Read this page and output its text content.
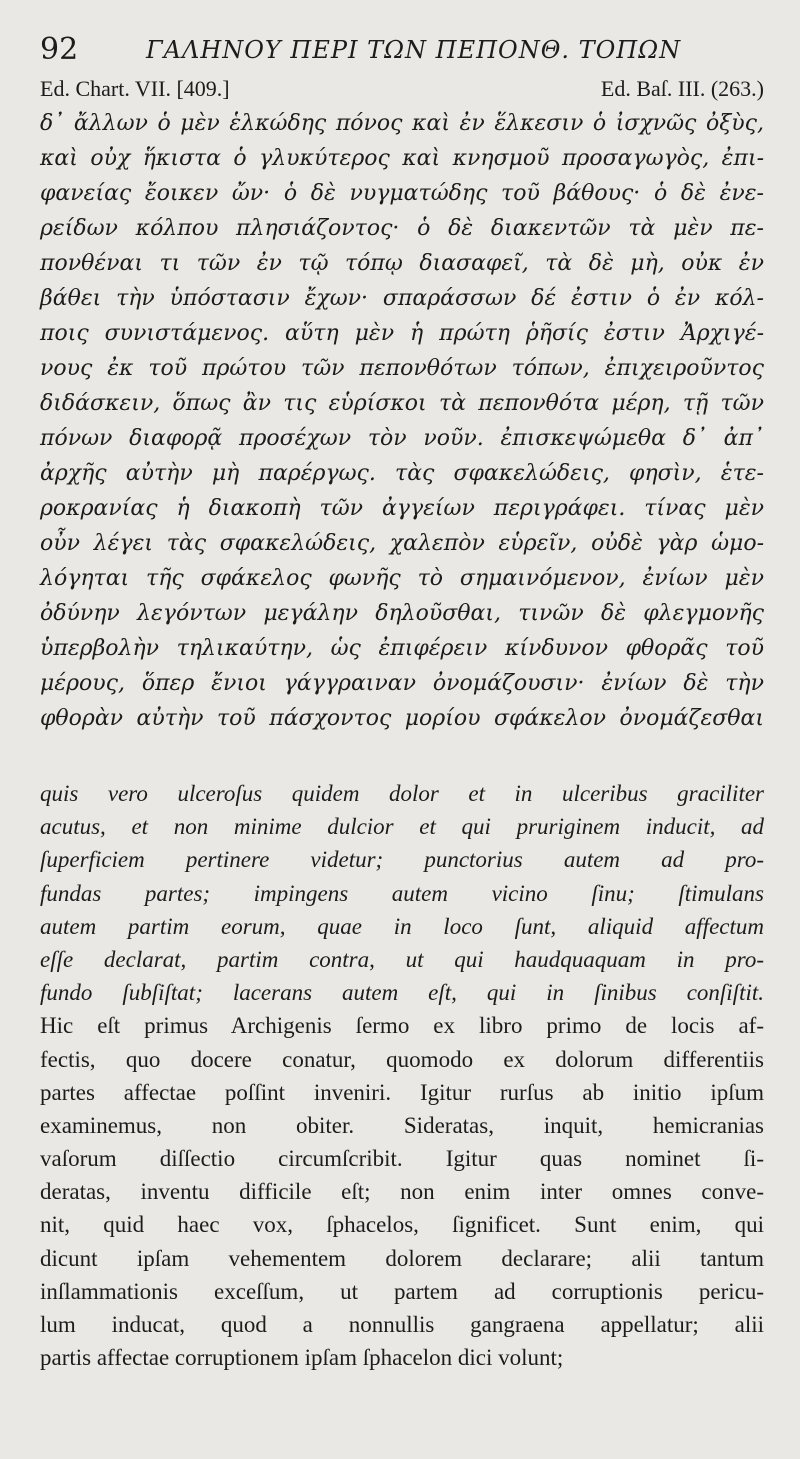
92	ΓΑΛΗΝΟΥ ΠΕΡΙ ΤΩΝ ΠΕΠΟΝΘ. ΤΟΠΩΝ
Ed. Chart. VII. [409.]	Ed. Baſ. III. (263.)
δ᾽ ἄλλων ὁ μὲν ἑλκώδης πόνος καὶ ἐν ἕλκεσιν ὁ ἰσχνῶς ὀξὺς,
καὶ οὐχ ἥκιστα ὁ γλυκύτερος καὶ κνησμοῦ προσαγωγὸς, ἐπι-
φανείας ἔοικεν ὤν· ὁ δὲ νυγματώδης τοῦ βάθους· ὁ δὲ ἐνε-
ρείδων κόλπου πλησιάζοντος· ὁ δὲ διακεντῶν τὰ μὲν πε-
πονθέναι τι τῶν ἐν τῷ τόπῳ διασαφεῖ, τὰ δὲ μὴ, οὐκ ἐν
βάθει τὴν ὑπόστασιν ἔχων· σπαράσσων δέ ἐστιν ὁ ἐν κόλ-
ποις συνιστάμενος. αὕτη μὲν ἡ πρώτη ῥῆσίς ἐστιν Ἀρχιγέ-
νους ἐκ τοῦ πρώτου τῶν πεπονθότων τόπων, ἐπιχειροῦντος
διδάσκειν, ὅπως ἂν τις εὑρίσκοι τὰ πεπονθότα μέρη, τῇ τῶν
πόνων διαφορᾷ προσέχων τὸν νοῦν. ἐπισκεψώμεθα δ᾽ ἀπ᾽
ἀρχῆς αὐτὴν μὴ παρέργως. τὰς σφακελώδεις, φησὶν, ἑτε-
ροκρανίας ἡ διακοπὴ τῶν ἀγγείων περιγράφει. τίνας μὲν
οὖν λέγει τὰς σφακελώδεις, χαλεπὸν εὑρεῖν, οὐδὲ γὰρ ὡμο-
λόγηται τῆς σφάκελος φωνῆς τὸ σημαινόμενον, ἐνίων μὲν
ὀδύνην λεγόντων μεγάλην δηλοῦσθαι, τινῶν δὲ φλεγμονῆς
ὑπερβολὴν τηλικαύτην, ὡς ἐπιφέρειν κίνδυνον φθορᾶς τοῦ
μέρους, ὅπερ ἔνιοι γάγγραιναν ὀνομάζουσιν· ἐνίων δὲ τὴν
φθορὰν αὐτὴν τοῦ πάσχοντος μορίου σφάκελον ὀνομάζεσθαι
quis vero ulceroſus quidem dolor et in ulceribus graciliter
acutus, et non minime dulcior et qui pruriginem inducit, ad
ſuperficiem pertinere videtur; punctorius autem ad pro-
fundas partes; impingens autem vicino ſinu; ſtimulans
autem partim eorum, quae in loco ſunt, aliquid affectum
eſſe declarat, partim contra, ut qui haudquaquam in pro-
fundo ſubſiſtat; lacerans autem eſt, qui in ſinibus conſiſtit.
Hic eſt primus Archigenis ſermo ex libro primo de locis af-
fectis, quo docere conatur, quomodo ex dolorum differentiis
partes affectae poſſint inveniri. Igitur rurſus ab initio ipſum
examinemus, non obiter. Sideratas, inquit, hemicranias
vaſorum diſſectio circumſcribit. Igitur quas nominet ſi-
deratas, inventu difficile eſt; non enim inter omnes conve-
nit, quid haec vox, ſphacelos, ſignificet. Sunt enim, qui
dicunt ipſam vehementem dolorem declarare; alii tantum
inſlammationis exceſſum, ut partem ad corruptionis pericu-
lum inducat, quod a nonnullis gangraena appellatur; alii
partis affectae corruptionem ipſam ſphacelon dici volunt;
